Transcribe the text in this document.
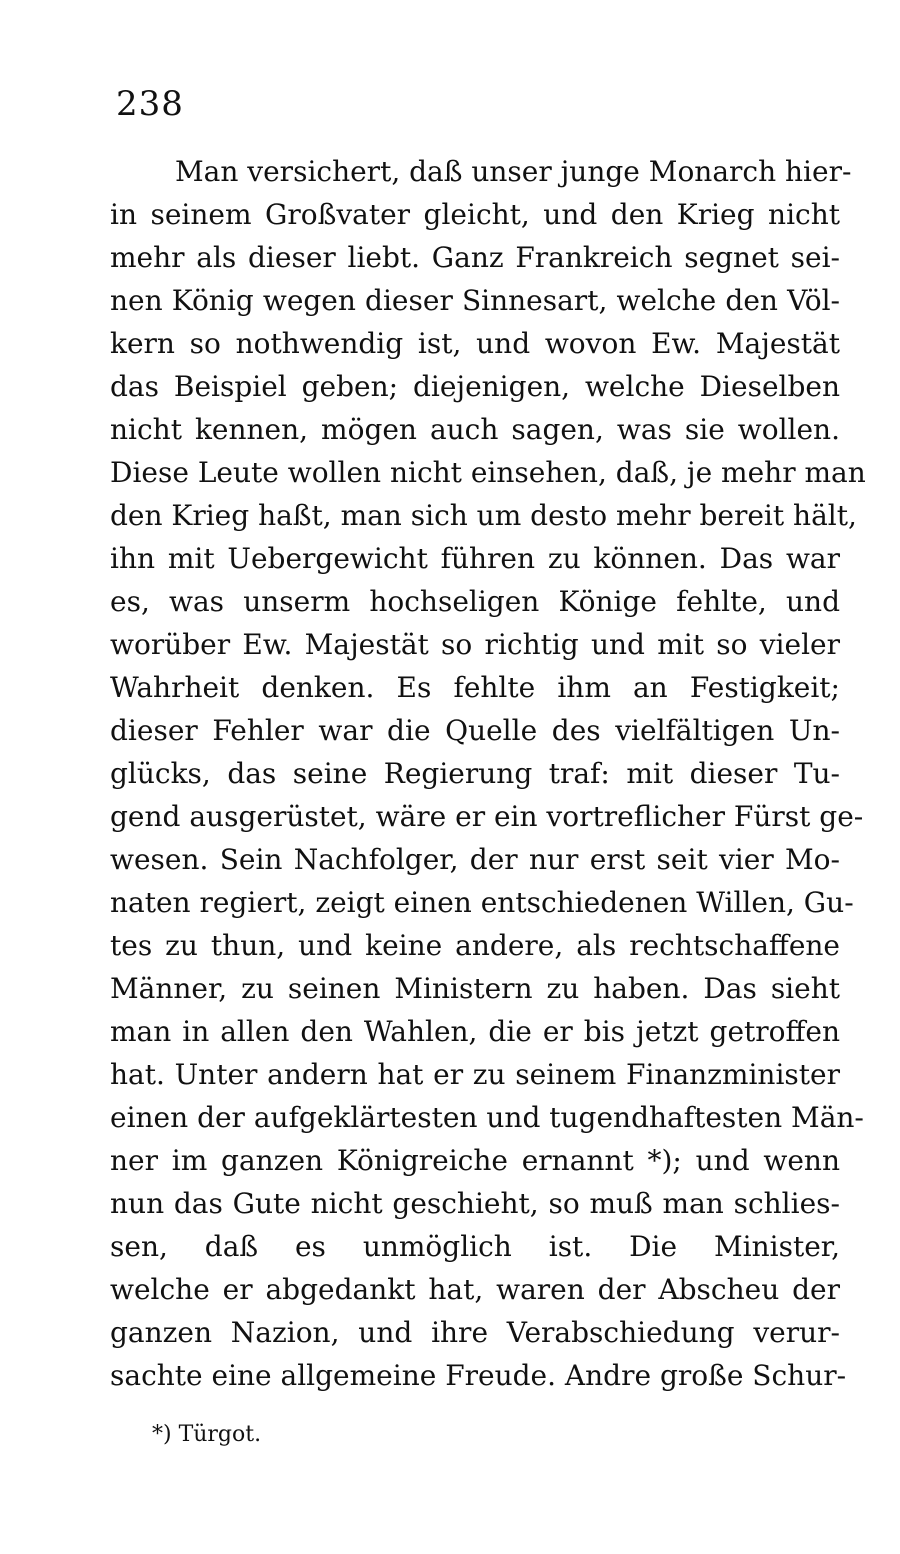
238
Man versichert, daß unser junge Monarch hier-
in seinem Großvater gleicht, und den Krieg nicht
mehr als dieser liebt. Ganz Frankreich segnet sei-
nen König wegen dieser Sinnesart, welche den Völ-
kern so nothwendig ist, und wovon Ew. Majestät
das Beispiel geben; diejenigen, welche Dieselben
nicht kennen, mögen auch sagen, was sie wollen.
Diese Leute wollen nicht einsehen, daß, je mehr man
den Krieg haßt, man sich um desto mehr bereit hält,
ihn mit Uebergewicht führen zu können. Das war
es, was unserm hochseligen Könige fehlte, und
worüber Ew. Majestät so richtig und mit so vieler
Wahrheit denken. Es fehlte ihm an Festigkeit;
dieser Fehler war die Quelle des vielfältigen Un-
glücks, das seine Regierung traf: mit dieser Tu-
gend ausgerüstet, wäre er ein vortreflicher Fürst ge-
wesen. Sein Nachfolger, der nur erst seit vier Mo-
naten regiert, zeigt einen entschiedenen Willen, Gu-
tes zu thun, und keine andere, als rechtschaffene
Männer, zu seinen Ministern zu haben. Das sieht
man in allen den Wahlen, die er bis jetzt getroffen
hat. Unter andern hat er zu seinem Finanzminister
einen der aufgeklärtesten und tugendhaftesten Män-
ner im ganzen Königreiche ernannt *); und wenn
nun das Gute nicht geschieht, so muß man schlies-
sen, daß es unmöglich ist. Die Minister,
welche er abgedankt hat, waren der Abscheu der
ganzen Nazion, und ihre Verabschiedung verur-
sachte eine allgemeine Freude. Andre große Schur-
*) Türgot.
